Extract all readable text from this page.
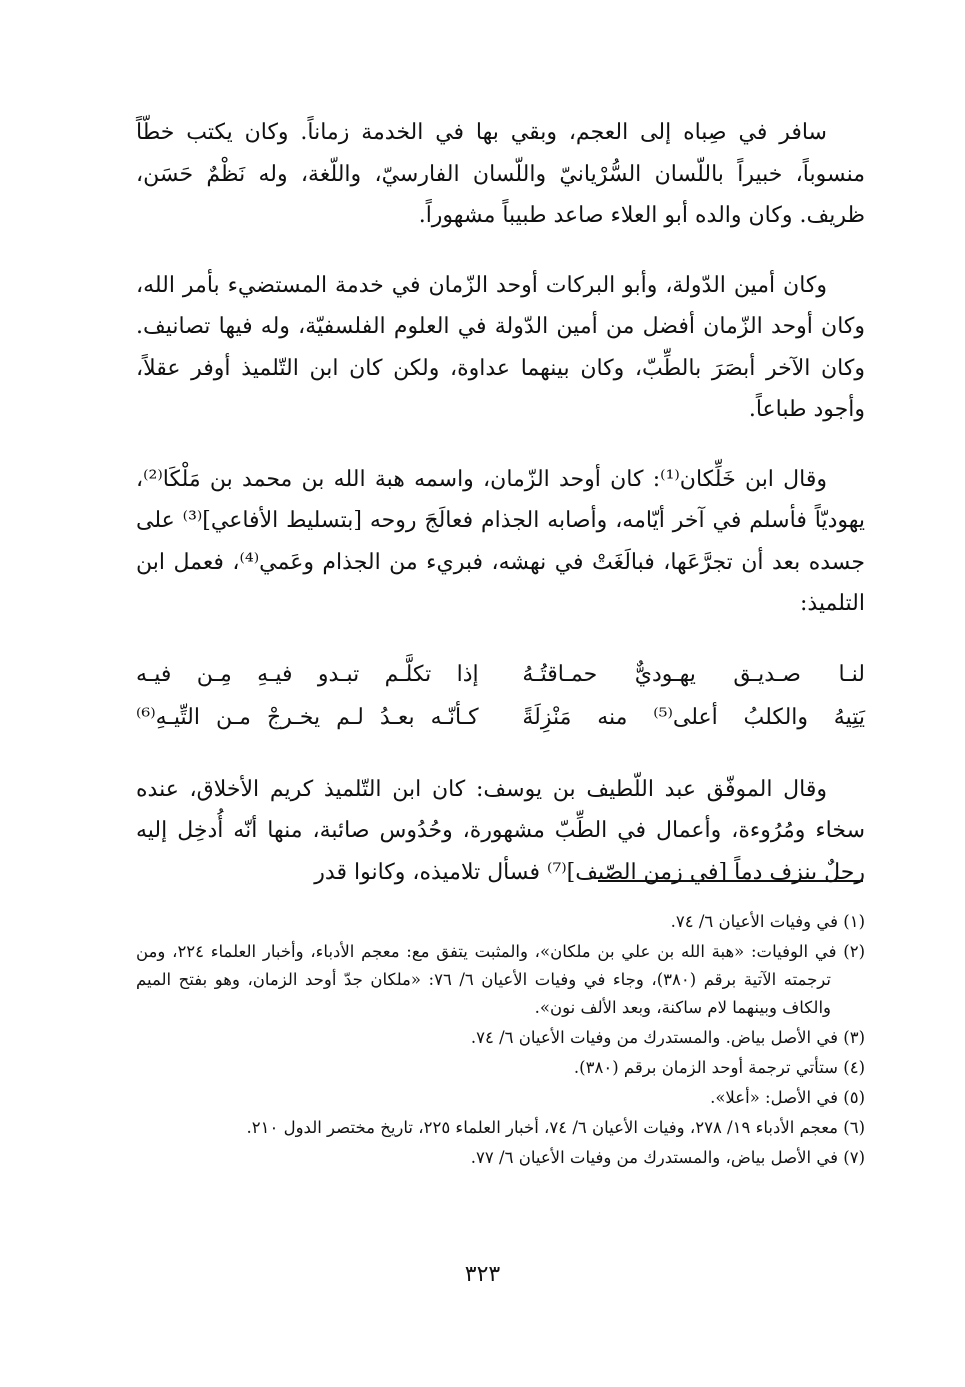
سافر في صِباه إلى العجم، وبقي بها في الخدمة زماناً. وكان يكتب خطّاً منسوباً، خبيراً باللّسان السُّرْيانيّ واللّسان الفارسيّ، واللّغة، وله نَظْمٌ حَسَن، ظريف. وكان والده أبو العلاء صاعد طبيباً مشهوراً.

وكان أمين الدّولة، وأبو البركات أوحد الزّمان في خدمة المستضيء بأمر الله، وكان أوحد الزّمان أفضل من أمين الدّولة في العلوم الفلسفيّة، وله فيها تصانيف. وكان الآخر أبصَرَ بالطِّبّ، وكان بينهما عداوة، ولكن كان ابن التّلميذ أوفر عقلاً، وأجود طباعاً.

وقال ابن خَلِّكان⁽¹⁾: كان أوحد الزّمان، واسمه هبة الله بن محمد بن مَلْكَا⁽²⁾، يهوديّاً فأسلم في آخر أيّامه، وأصابه الجذام فعالَجَ روحه [بتسليط الأفاعي]⁽³⁾ على جسده بعد أن تجرَّعَها، فبالَغَتْ في نهشه، فبريء من الجذام وعَمي⁽⁴⁾، فعمل ابن التلميذ:

لنـا صـديـق يهـوديٌّ حمـاقتُـهُ
إذا تكلَّـم تبـدو فيـهِ مِـن فيـه
يَتِيهُ والكلبُ أعلى⁽⁵⁾ منه مَنْزِلَةً
كـأنّـه بعـدُ لـم يخـرجْ مـن التِّيـهِ⁽⁶⁾

وقال الموفّق عبد اللّطيف بن يوسف: كان ابن التّلميذ كريم الأخلاق، عنده سخاء ومُرُوءة، وأعمال في الطِّبّ مشهورة، وحُدُوس صائبة، منها أنّه أُدخِل إليه رجلٌ ينزف دماً [في زمن الصّيف]⁽⁷⁾ فسأل تلاميذه، وكانوا قدر

(١) في وفيات الأعيان ٦/ ٧٤.
(٢) في الوفيات: «هبة الله بن علي بن ملكان»، والمثبت يتفق مع: معجم الأدباء، وأخبار العلماء ٢٢٤، ومن ترجمته الآتية برقم (٣٨٠)، وجاء في وفيات الأعيان ٦/ ٧٦: «ملكان جدّ أوحد الزمان، وهو بفتح الميم والكاف وبينهما لام ساكنة، وبعد الألف نون».
(٣) في الأصل بياض. والمستدرك من وفيات الأعيان ٦/ ٧٤.
(٤) ستأتي ترجمة أوحد الزمان برقم (٣٨٠).
(٥) في الأصل: «أعلا».
(٦) معجم الأدباء ١٩/ ٢٧٨، وفيات الأعيان ٦/ ٧٤، أخبار العلماء ٢٢٥، تاريخ مختصر الدول ٢١٠.
(٧) في الأصل بياض، والمستدرك من وفيات الأعيان ٦/ ٧٧.
٣٢٣
